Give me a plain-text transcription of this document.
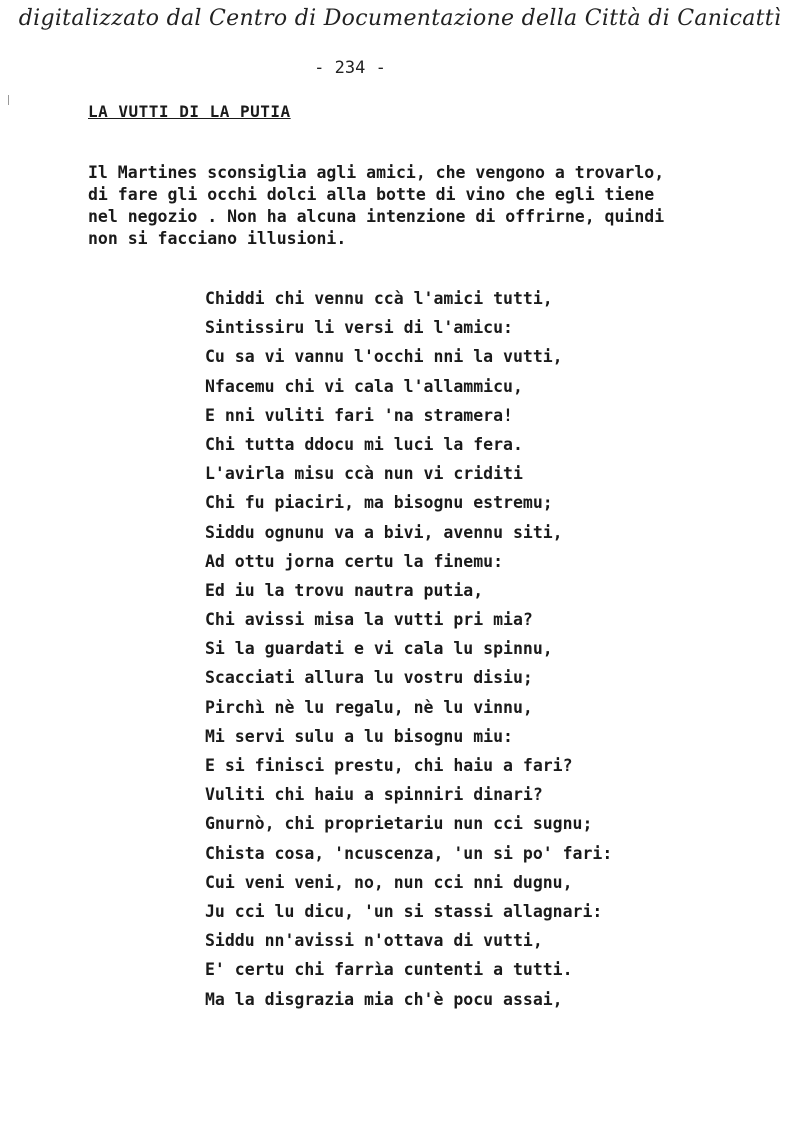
digitalizzato dal Centro di Documentazione della Città di Canicattì
- 234 -
LA VUTTI DI LA PUTIA
Il Martines sconsiglia agli amici, che vengono a trovarlo,
di fare gli occhi dolci alla botte di vino che egli tiene
nel negozio . Non ha alcuna intenzione di offrirne, quindi
non si facciano illusioni.
Chiddi chi vennu ccà l'amici tutti,
Sintissiru li versi di l'amicu:
Cu sa vi vannu l'occhi nni la vutti,
Nfacemu chi vi cala l'allammicu,
E nni vuliti fari 'na stramera!
Chi tutta ddocu mi luci la fera.
L'avirla misu ccà nun vi criditi
Chi fu piaciri, ma bisognu estremu;
Siddu ognunu va a bivi, avennu siti,
Ad ottu jorna certu la finemu:
Ed iu la trovu nautra putia,
Chi avissi misa la vutti pri mia?
Si la guardati e vi cala lu spinnu,
Scacciati allura lu vostru disiu;
Pirchì nè lu regalu, nè lu vinnu,
Mi servi sulu a lu bisognu miu:
E si finisci prestu, chi haiu a fari?
Vuliti chi haiu a spinniri dinari?
Gnurnò, chi proprietariu nun cci sugnu;
Chista cosa, 'ncuscenza, 'un si po' fari:
Cui veni veni, no, nun cci nni dugnu,
Ju cci lu dicu, 'un si stassi allagnari:
Siddu nn'avissi n'ottava di vutti,
E' certu chi farrìa cuntenti a tutti.
Ma la disgrazia mia ch'è pocu assai,
